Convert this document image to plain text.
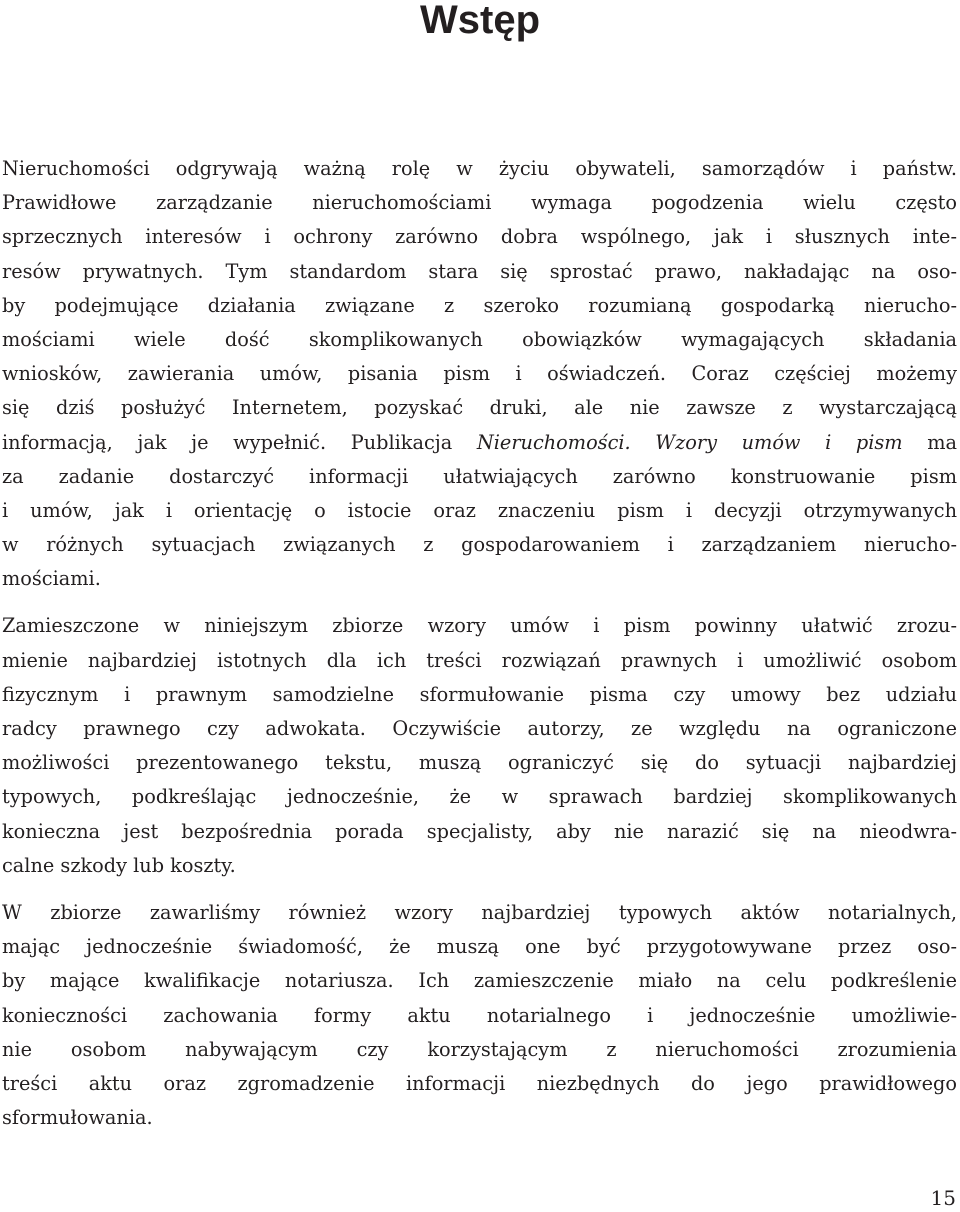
Wstęp

Nieruchomości odgrywają ważną rolę w życiu obywateli, samorządów i państw.
Prawidłowe zarządzanie nieruchomościami wymaga pogodzenia wielu często
sprzecznych interesów i ochrony zarówno dobra wspólnego, jak i słusznych inte-
resów prywatnych. Tym standardom stara się sprostać prawo, nakładając na oso-
by podejmujące działania związane z szeroko rozumianą gospodarką nierucho-
mościami wiele dość skomplikowanych obowiązków wymagających składania
wniosków, zawierania umów, pisania pism i oświadczeń. Coraz częściej możemy
się dziś posłużyć Internetem, pozyskać druki, ale nie zawsze z wystarczającą
informacją, jak je wypełnić. Publikacja Nieruchomości. Wzory umów i pism ma
za zadanie dostarczyć informacji ułatwiających zarówno konstruowanie pism
i umów, jak i orientację o istocie oraz znaczeniu pism i decyzji otrzymywanych
w różnych sytuacjach związanych z gospodarowaniem i zarządzaniem nierucho-
mościami.

Zamieszczone w niniejszym zbiorze wzory umów i pism powinny ułatwić zrozu-
mienie najbardziej istotnych dla ich treści rozwiązań prawnych i umożliwić osobom
fizycznym i prawnym samodzielne sformułowanie pisma czy umowy bez udziału
radcy prawnego czy adwokata. Oczywiście autorzy, ze względu na ograniczone
możliwości prezentowanego tekstu, muszą ograniczyć się do sytuacji najbardziej
typowych, podkreślając jednocześnie, że w sprawach bardziej skomplikowanych
konieczna jest bezpośrednia porada specjalisty, aby nie narazić się na nieodwra-
calne szkody lub koszty.

W zbiorze zawarliśmy również wzory najbardziej typowych aktów notarialnych,
mając jednocześnie świadomość, że muszą one być przygotowywane przez oso-
by mające kwalifikacje notariusza. Ich zamieszczenie miało na celu podkreślenie
konieczności zachowania formy aktu notarialnego i jednocześnie umożliwie-
nie osobom nabywającym czy korzystającym z nieruchomości zrozumienia
treści aktu oraz zgromadzenie informacji niezbędnych do jego prawidłowego
sformułowania.

15
